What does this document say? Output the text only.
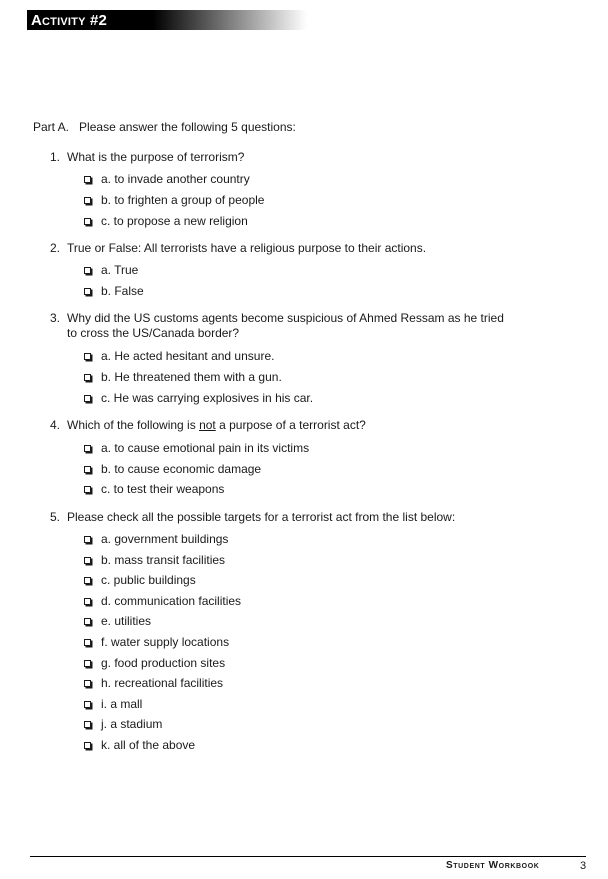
Activity #2
Part A. Please answer the following 5 questions:
1. What is the purpose of terrorism?
a. to invade another country
b. to frighten a group of people
c. to propose a new religion
2. True or False: All terrorists have a religious purpose to their actions.
a. True
b. False
3. Why did the US customs agents become suspicious of Ahmed Ressam as he tried
to cross the US/Canada border?
a. He acted hesitant and unsure.
b. He threatened them with a gun.
c. He was carrying explosives in his car.
4. Which of the following is not a purpose of a terrorist act?
a. to cause emotional pain in its victims
b. to cause economic damage
c. to test their weapons
5. Please check all the possible targets for a terrorist act from the list below:
a. government buildings
b. mass transit facilities
c. public buildings
d. communication facilities
e. utilities
f. water supply locations
g. food production sites
h. recreational facilities
i. a mall
j. a stadium
k. all of the above
Student Workbook	3
